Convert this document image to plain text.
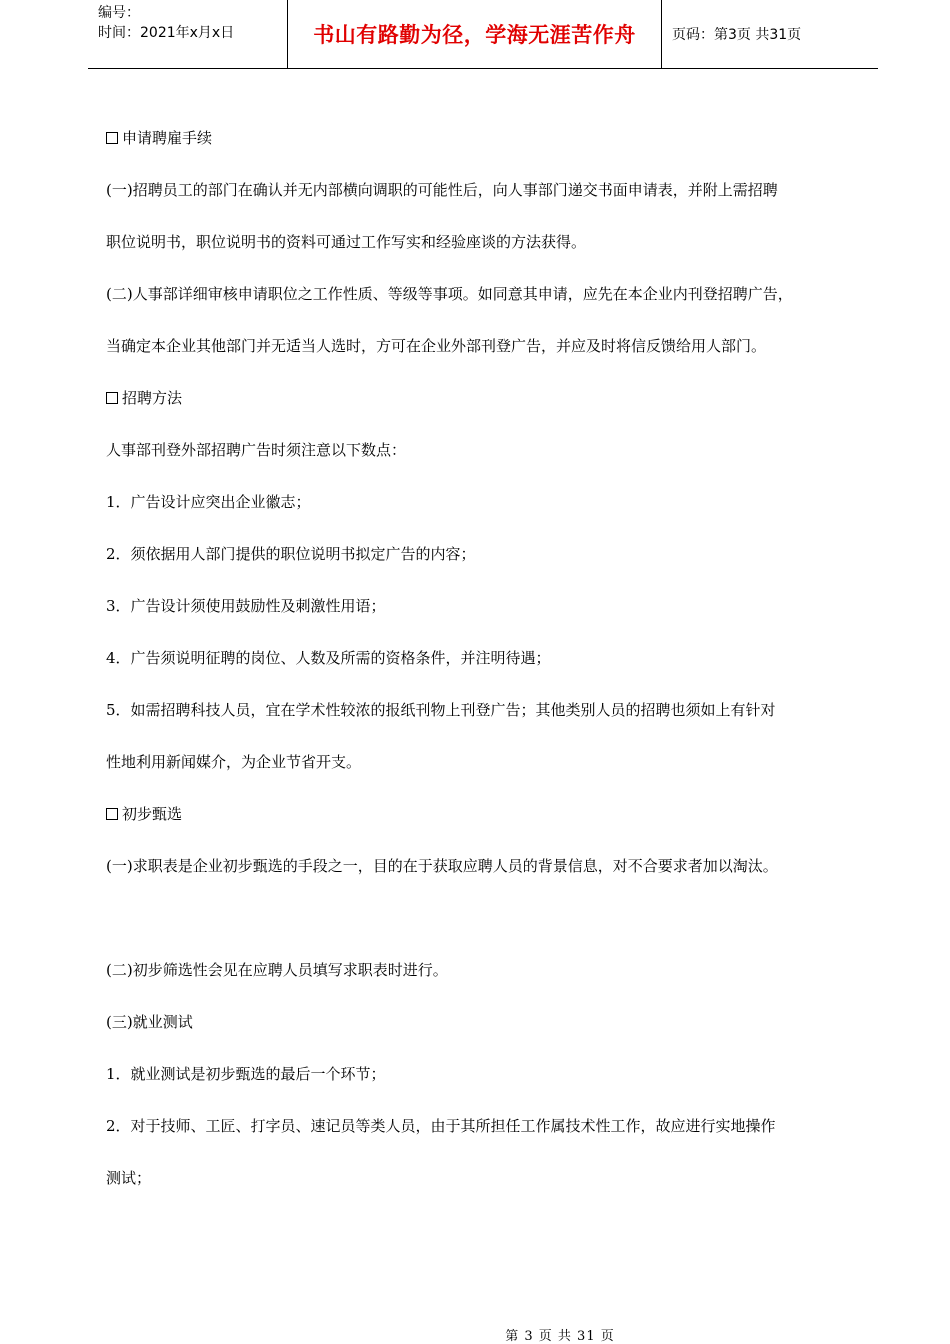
编号：
时间：2021年x月x日	书山有路勤为径，学海无涯苦作舟	页码：第3页 共31页
申请聘雇手续
(一)招聘员工的部门在确认并无内部横向调职的可能性后，向人事部门递交书面申请表，并附上需招聘
职位说明书，职位说明书的资料可通过工作写实和经验座谈的方法获得。
(二)人事部详细审核申请职位之工作性质、等级等事项。如同意其申请，应先在本企业内刊登招聘广告，
当确定本企业其他部门并无适当人选时，方可在企业外部刊登广告，并应及时将信反馈给用人部门。
招聘方法
人事部刊登外部招聘广告时须注意以下数点：
1．广告设计应突出企业徽志；
2．须依据用人部门提供的职位说明书拟定广告的内容；
3．广告设计须使用鼓励性及刺激性用语；
4．广告须说明征聘的岗位、人数及所需的资格条件，并注明待遇；
5．如需招聘科技人员，宜在学术性较浓的报纸刊物上刊登广告；其他类别人员的招聘也须如上有针对
性地利用新闻媒介，为企业节省开支。
初步甄选
(一)求职表是企业初步甄选的手段之一，目的在于获取应聘人员的背景信息，对不合要求者加以淘汰。
(二)初步筛选性会见在应聘人员填写求职表时进行。
(三)就业测试
1．就业测试是初步甄选的最后一个环节；
2．对于技师、工匠、打字员、速记员等类人员，由于其所担任工作属技术性工作，故应进行实地操作
测试；
第 3 页 共 31 页
